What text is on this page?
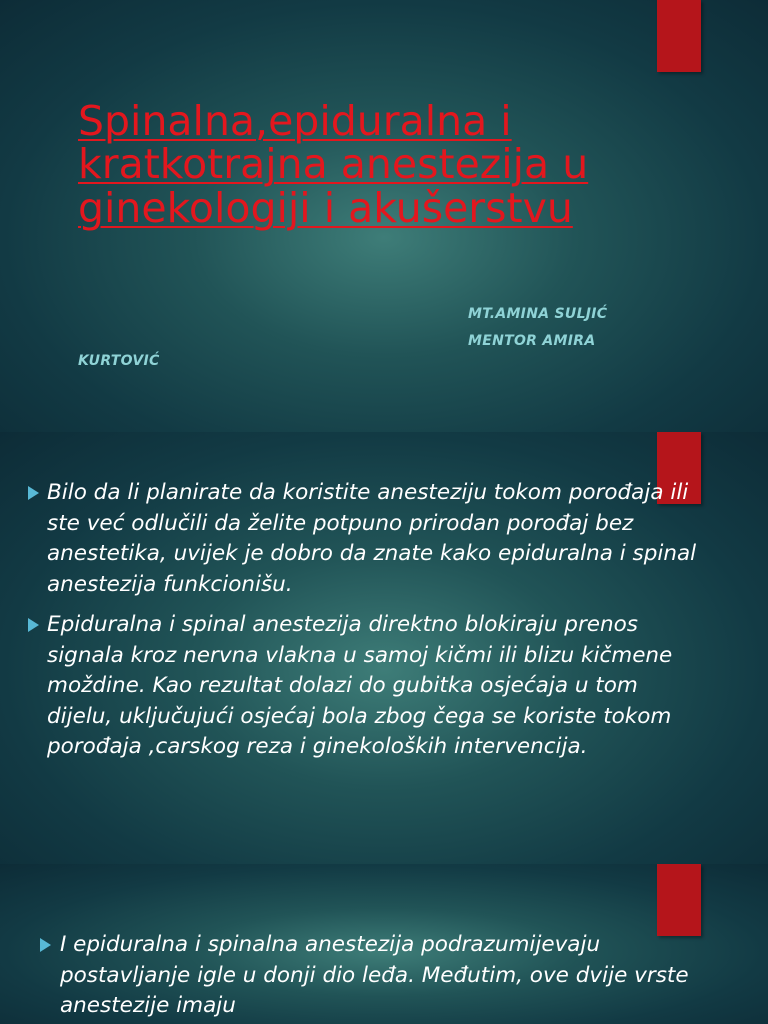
Spinalna,epiduralna i kratkotrajna anestezija u ginekologiji i akušerstvu

MT.AMINA SULJIĆ

MENTOR AMIRA

KURTOVIĆ

Bilo da li planirate da koristite anesteziju tokom porođaja ili ste već odlučili da želite potpuno prirodan porođaj bez anestetika, uvijek je dobro da znate kako epiduralna i spinal anestezija funkcionišu.
Epiduralna i spinal anestezija direktno blokiraju prenos signala kroz nervna vlakna u samoj kičmi ili blizu kičmene moždine. Kao rezultat dolazi do gubitka osjećaja u tom dijelu, uključujući osjećaj bola zbog čega se koriste tokom porođaja ,carskog reza i ginekoloških intervencija.
I epiduralna i spinalna anestezija podrazumijevaju postavljanje igle u donji dio leđa. Međutim, ove dvije vrste anestezije imaju
